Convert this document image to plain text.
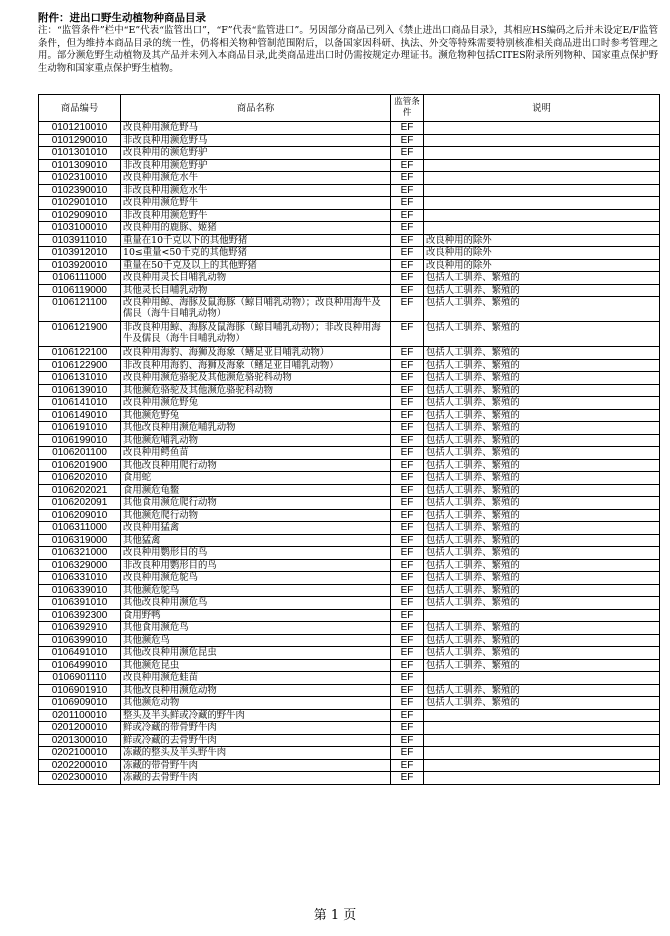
附件：进出口野生动植物种商品目录
注：“监管条件”栏中“E”代表“监管出口”，“F”代表“监管进口”。另因部分商品已列入《禁止进出口商品目录》，其相应HS编码之后并未设定E/F监管条件，但为维持本商品目录的统一性，仍将相关物种管制范围附后，以备国家因科研、执法、外交等特殊需要特别核准相关商品进出口时参考管理之用。部分濒危野生动植物及其产品并未列入本商品目录,此类商品进出口时仍需按规定办理证书。濒危物种包括CITES附录所列物种、国家重点保护野生动物和国家重点保护野生植物。
商品编号	商品名称	监管条件	说明
0101210010	改良种用濒危野马	EF	
0101290010	非改良种用濒危野马	EF	
0101301010	改良种用的濒危野驴	EF	
0101309010	非改良种用濒危野驴	EF	
0102310010	改良种用濒危水牛	EF	
0102390010	非改良种用濒危水牛	EF	
0102901010	改良种用濒危野牛	EF	
0102909010	非改良种用濒危野牛	EF	
0103100010	改良种用的鹿豚、姬猪	EF	
0103911010	重量在10千克以下的其他野猪	EF	改良种用的除外
0103912010	10≤重量<50千克的其他野猪	EF	改良种用的除外
0103920010	重量在50千克及以上的其他野猪	EF	改良种用的除外
0106111000	改良种用灵长目哺乳动物	EF	包括人工驯养、繁殖的
0106119000	其他灵长目哺乳动物	EF	包括人工驯养、繁殖的
0106121100	改良种用鲸、海豚及鼠海豚（鲸目哺乳动物）；改良种用海牛及儒艮（海牛目哺乳动物）	EF	包括人工驯养、繁殖的
0106121900	非改良种用鲸、海豚及鼠海豚（鲸目哺乳动物）；非改良种用海牛及儒艮（海牛目哺乳动物）	EF	包括人工驯养、繁殖的
0106122100	改良种用海豹、海狮及海象（鳍足亚目哺乳动物）	EF	包括人工驯养、繁殖的
0106122900	非改良种用海豹、海狮及海象（鳍足亚目哺乳动物）	EF	包括人工驯养、繁殖的
0106131010	改良种用濒危骆驼及其他濒危骆驼科动物	EF	包括人工驯养、繁殖的
0106139010	其他濒危骆驼及其他濒危骆驼科动物	EF	包括人工驯养、繁殖的
0106141010	改良种用濒危野兔	EF	包括人工驯养、繁殖的
0106149010	其他濒危野兔	EF	包括人工驯养、繁殖的
0106191010	其他改良种用濒危哺乳动物	EF	包括人工驯养、繁殖的
0106199010	其他濒危哺乳动物	EF	包括人工驯养、繁殖的
0106201100	改良种用鳄鱼苗	EF	包括人工驯养、繁殖的
0106201900	其他改良种用爬行动物	EF	包括人工驯养、繁殖的
0106202010	食用蛇	EF	包括人工驯养、繁殖的
0106202021	食用濒危龟鳖	EF	包括人工驯养、繁殖的
0106202091	其他食用濒危爬行动物	EF	包括人工驯养、繁殖的
0106209010	其他濒危爬行动物	EF	包括人工驯养、繁殖的
0106311000	改良种用猛禽	EF	包括人工驯养、繁殖的
0106319000	其他猛禽	EF	包括人工驯养、繁殖的
0106321000	改良种用鹦形目的鸟	EF	包括人工驯养、繁殖的
0106329000	非改良种用鹦形目的鸟	EF	包括人工驯养、繁殖的
0106331010	改良种用濒危鸵鸟	EF	包括人工驯养、繁殖的
0106339010	其他濒危鸵鸟	EF	包括人工驯养、繁殖的
0106391010	其他改良种用濒危鸟	EF	包括人工驯养、繁殖的
0106392300	食用野鸭	EF	
0106392910	其他食用濒危鸟	EF	包括人工驯养、繁殖的
0106399010	其他濒危鸟	EF	包括人工驯养、繁殖的
0106491010	其他改良种用濒危昆虫	EF	包括人工驯养、繁殖的
0106499010	其他濒危昆虫	EF	包括人工驯养、繁殖的
0106901110	改良种用濒危蛙苗	EF	
0106901910	其他改良种用濒危动物	EF	包括人工驯养、繁殖的
0106909010	其他濒危动物	EF	包括人工驯养、繁殖的
0201100010	整头及半头鲜或冷藏的野牛肉	EF	
0201200010	鲜或冷藏的带骨野牛肉	EF	
0201300010	鲜或冷藏的去骨野牛肉	EF	
0202100010	冻藏的整头及半头野牛肉	EF	
0202200010	冻藏的带骨野牛肉	EF	
0202300010	冻藏的去骨野牛肉	EF	
第 1 页
